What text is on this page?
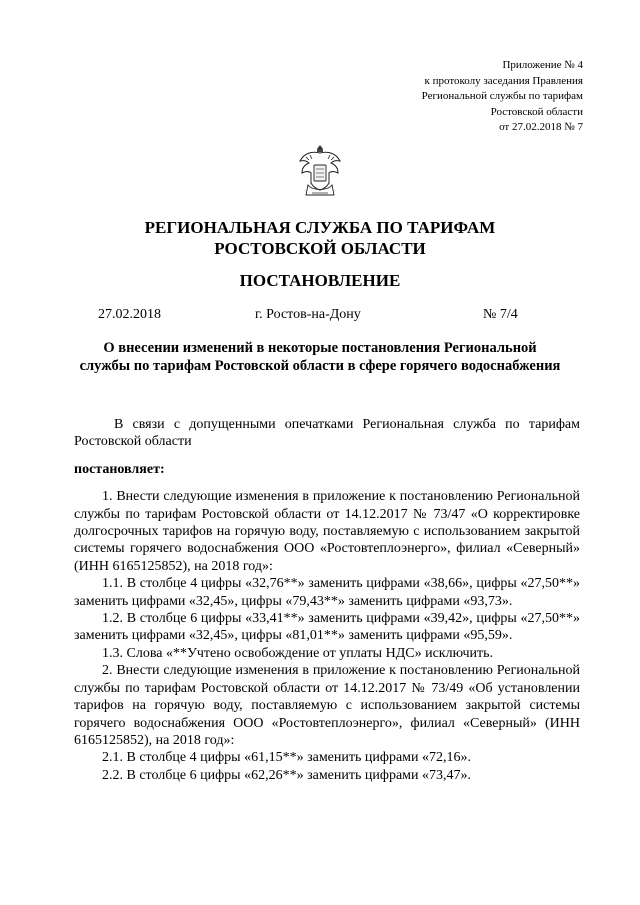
Приложение № 4
к протоколу заседания Правления
Региональной службы по тарифам
Ростовской области
от 27.02.2018 № 7
РЕГИОНАЛЬНАЯ СЛУЖБА ПО ТАРИФАМ
РОСТОВСКОЙ ОБЛАСТИ
ПОСТАНОВЛЕНИЕ
27.02.2018	г. Ростов-на-Дону	№ 7/4
О внесении изменений в некоторые постановления Региональной
службы по тарифам Ростовской области в сфере горячего водоснабжения

В связи с допущенными опечатками Региональная служба по тарифам Ростовской области

постановляет:

1. Внести следующие изменения в приложение к постановлению Региональной службы по тарифам Ростовской области от 14.12.2017 № 73/47 «О корректировке долгосрочных тарифов на горячую воду, поставляемую с использованием закрытой системы горячего водоснабжения ООО «Ростовтеплоэнерго», филиал «Северный» (ИНН 6165125852), на 2018 год»:

1.1. В столбце 4 цифры «32,76**» заменить цифрами «38,66», цифры «27,50**» заменить цифрами «32,45», цифры «79,43**» заменить цифрами «93,73».

1.2. В столбце 6 цифры «33,41**» заменить цифрами «39,42», цифры «27,50**» заменить цифрами «32,45», цифры «81,01**» заменить цифрами «95,59».

1.3. Слова «**Учтено освобождение от уплаты НДС» исключить.

2. Внести следующие изменения в приложение к постановлению Региональной службы по тарифам Ростовской области от 14.12.2017 № 73/49 «Об установлении тарифов на горячую воду, поставляемую с использованием закрытой системы горячего водоснабжения ООО «Ростовтеплоэнерго», филиал «Северный» (ИНН 6165125852), на 2018 год»:

2.1. В столбце 4 цифры «61,15**» заменить цифрами «72,16».

2.2. В столбце 6 цифры «62,26**» заменить цифрами «73,47».
